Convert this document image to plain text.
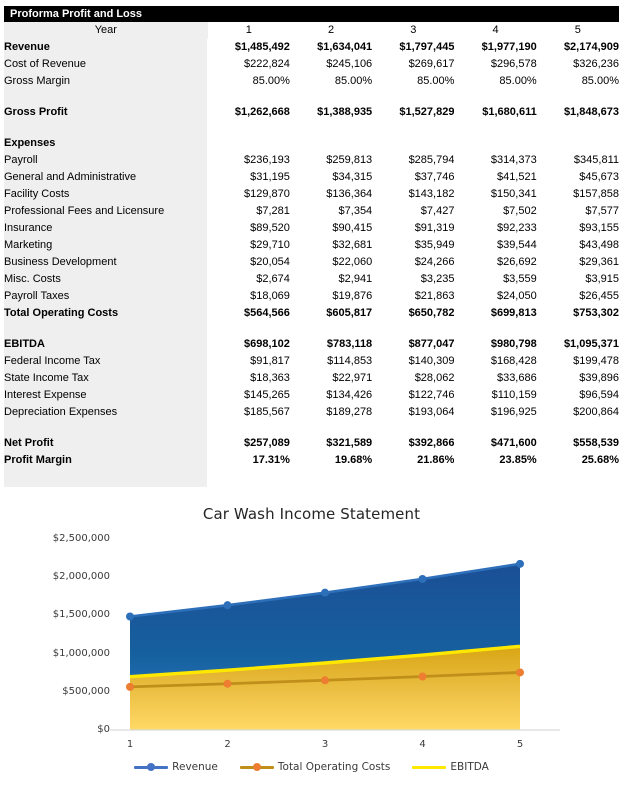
Proforma Profit and Loss
Year	1	2	3	4	5
Revenue	$1,485,492	$1,634,041	$1,797,445	$1,977,190	$2,174,909
Cost of Revenue	$222,824	$245,106	$269,617	$296,578	$326,236
Gross Margin	85.00%	85.00%	85.00%	85.00%	85.00%

Gross Profit	$1,262,668	$1,388,935	$1,527,829	$1,680,611	$1,848,673

Expenses					
Payroll	$236,193	$259,813	$285,794	$314,373	$345,811
General and Administrative	$31,195	$34,315	$37,746	$41,521	$45,673
Facility Costs	$129,870	$136,364	$143,182	$150,341	$157,858
Professional Fees and Licensure	$7,281	$7,354	$7,427	$7,502	$7,577
Insurance	$89,520	$90,415	$91,319	$92,233	$93,155
Marketing	$29,710	$32,681	$35,949	$39,544	$43,498
Business Development	$20,054	$22,060	$24,266	$26,692	$29,361
Misc. Costs	$2,674	$2,941	$3,235	$3,559	$3,915
Payroll Taxes	$18,069	$19,876	$21,863	$24,050	$26,455
Total Operating Costs	$564,566	$605,817	$650,782	$699,813	$753,302

EBITDA	$698,102	$783,118	$877,047	$980,798	$1,095,371
Federal Income Tax	$91,817	$114,853	$140,309	$168,428	$199,478
State Income Tax	$18,363	$22,971	$28,062	$33,686	$39,896
Interest Expense	$145,265	$134,426	$122,746	$110,159	$96,594
Depreciation Expenses	$185,567	$189,278	$193,064	$196,925	$200,864

Net Profit	$257,089	$321,589	$392,866	$471,600	$558,539
Profit Margin	17.31%	19.68%	21.86%	23.85%	25.68%
Car Wash Income Statement
$0
$500,000
$1,000,000
$1,500,000
$2,000,000
$2,500,000
1	2	3	4	5
Revenue	Total Operating Costs	EBITDA
